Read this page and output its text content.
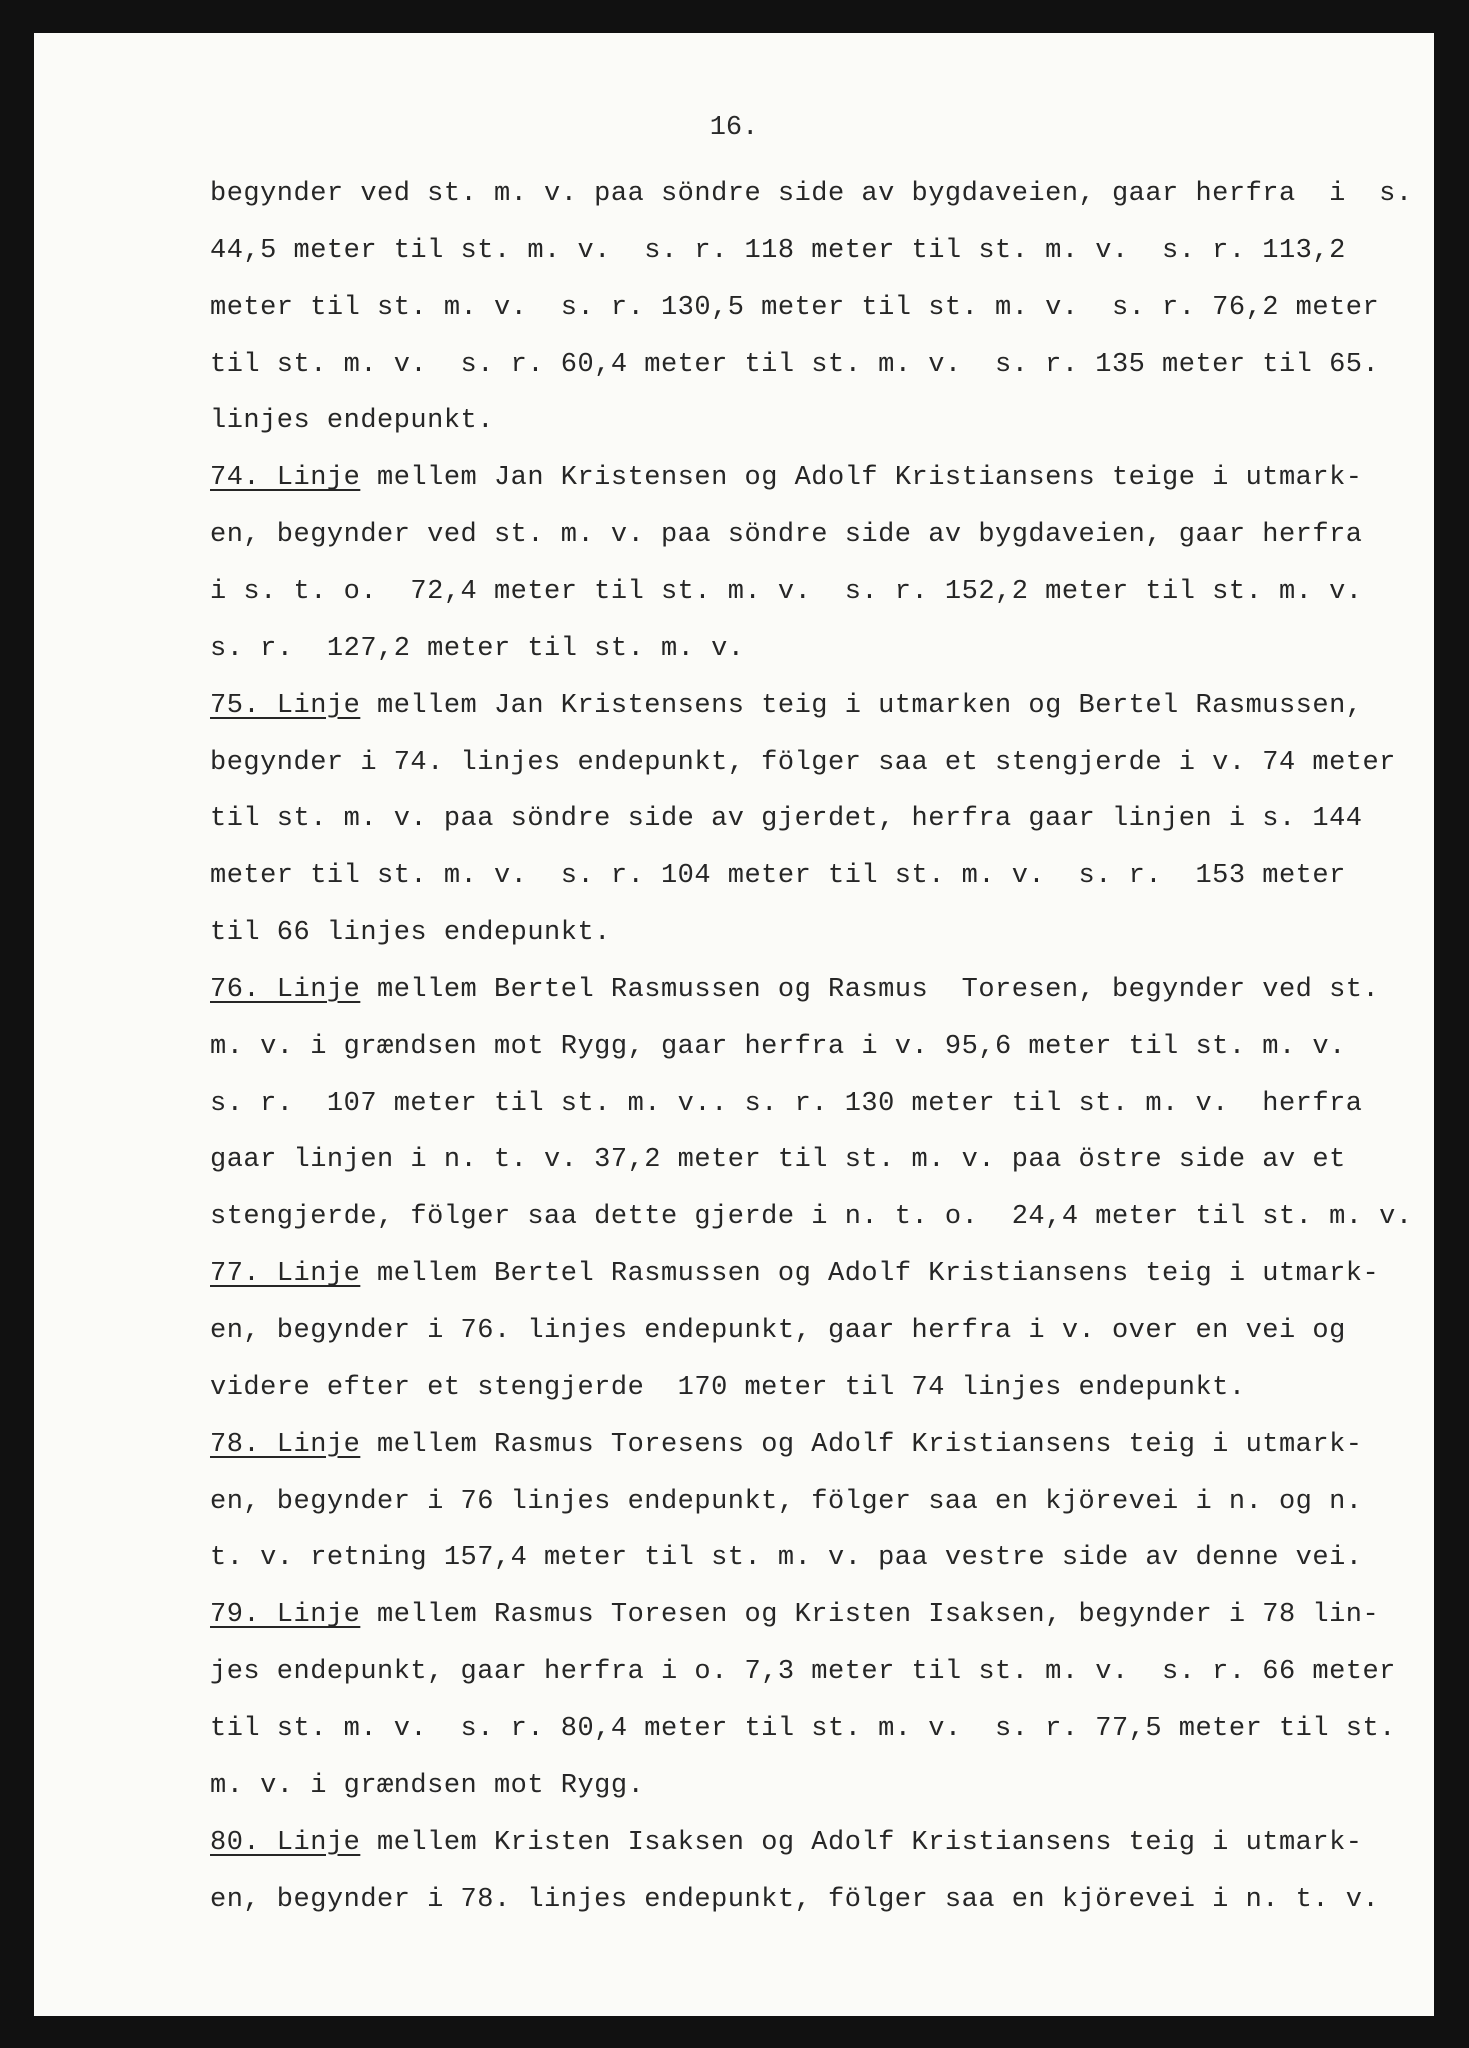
16.
begynder ved st. m. v. paa söndre side av bygdaveien, gaar herfra  i  s.
44,5 meter til st. m. v.  s. r. 118 meter til st. m. v.  s. r. 113,2
meter til st. m. v.  s. r. 130,5 meter til st. m. v.  s. r. 76,2 meter
til st. m. v.  s. r. 60,4 meter til st. m. v.  s. r. 135 meter til 65.
linjes endepunkt.
74. Linje mellem Jan Kristensen og Adolf Kristiansens teige i utmark-
en, begynder ved st. m. v. paa söndre side av bygdaveien, gaar herfra
i s. t. o.  72,4 meter til st. m. v.  s. r. 152,2 meter til st. m. v.
s. r.  127,2 meter til st. m. v.
75. Linje mellem Jan Kristensens teig i utmarken og Bertel Rasmussen,
begynder i 74. linjes endepunkt, fölger saa et stengjerde i v. 74 meter
til st. m. v. paa söndre side av gjerdet, herfra gaar linjen i s. 144
meter til st. m. v.  s. r. 104 meter til st. m. v.  s. r.  153 meter
til 66 linjes endepunkt.
76. Linje mellem Bertel Rasmussen og Rasmus  Toresen, begynder ved st.
m. v. i grændsen mot Rygg, gaar herfra i v. 95,6 meter til st. m. v.
s. r.  107 meter til st. m. v.. s. r. 130 meter til st. m. v.  herfra
gaar linjen i n. t. v. 37,2 meter til st. m. v. paa östre side av et
stengjerde, fölger saa dette gjerde i n. t. o.  24,4 meter til st. m. v.
77. Linje mellem Bertel Rasmussen og Adolf Kristiansens teig i utmark-
en, begynder i 76. linjes endepunkt, gaar herfra i v. over en vei og
videre efter et stengjerde  170 meter til 74 linjes endepunkt.
78. Linje mellem Rasmus Toresens og Adolf Kristiansens teig i utmark-
en, begynder i 76 linjes endepunkt, fölger saa en kjörevei i n. og n.
t. v. retning 157,4 meter til st. m. v. paa vestre side av denne vei.
79. Linje mellem Rasmus Toresen og Kristen Isaksen, begynder i 78 lin-
jes endepunkt, gaar herfra i o. 7,3 meter til st. m. v.  s. r. 66 meter
til st. m. v.  s. r. 80,4 meter til st. m. v.  s. r. 77,5 meter til st.
m. v. i grændsen mot Rygg.
80. Linje mellem Kristen Isaksen og Adolf Kristiansens teig i utmark-
en, begynder i 78. linjes endepunkt, fölger saa en kjörevei i n. t. v.
